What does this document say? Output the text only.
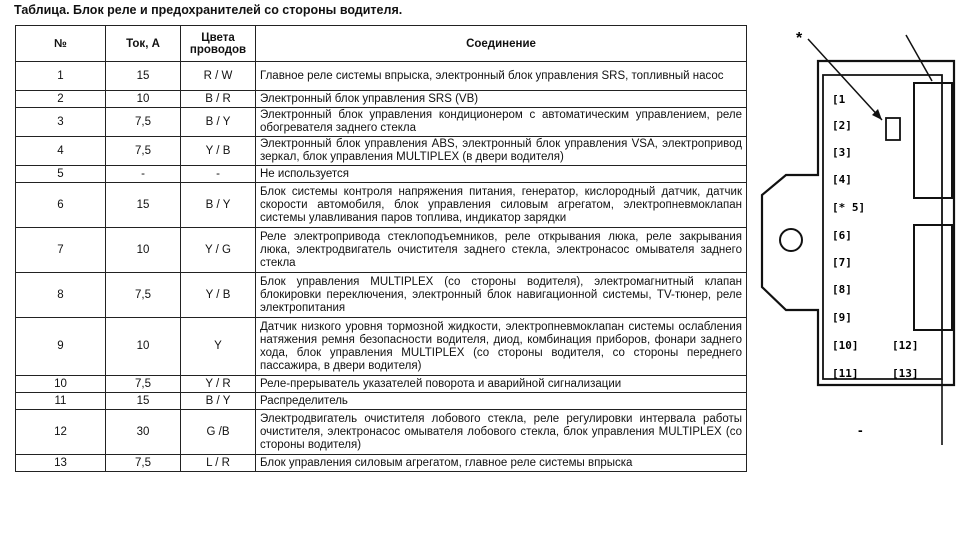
Таблица. Блок реле и предохранителей со стороны водителя.
№	Ток, А	Цвета проводов	Соединение
1	15	R / W	Главное реле системы впрыска, электронный блок управления SRS, топливный насос
2	10	B / R	Электронный блок управления SRS (VB)
3	7,5	B / Y	Электронный блок управления кондиционером с автоматическим управлением, реле обогревателя заднего стекла
4	7,5	Y / B	Электронный блок управления ABS, электронный блок управления VSA, электропривод зеркал, блок управления MULTIPLEX (в двери водителя)
5	-	-	Не используется
6	15	B / Y	Блок системы контроля напряжения питания, генератор, кислородный датчик, датчик скорости автомобиля, блок управления силовым агрегатом, электропневмоклапан системы улавливания паров топлива, индикатор зарядки
7	10	Y / G	Реле электропривода стеклоподъемников, реле открывания люка, реле закрывания люка, электродвигатель очистителя заднего стекла, электронасос омывателя заднего стекла
8	7,5	Y / B	Блок управления MULTIPLEX (со стороны водителя), электромагнитный клапан блокировки переключения, электронный блок навигационной системы, TV-тюнер, реле электропитания
9	10	Y	Датчик низкого уровня тормозной жидкости, электропневмоклапан системы ослабления натяжения ремня безопасности водителя, диод, комбинация приборов, фонари заднего хода, блок управления MULTIPLEX (со стороны водителя, со стороны переднего пассажира, в двери водителя)
10	7,5	Y / R	Реле-прерыватель указателей поворота и аварийной сигнализации
11	15	B / Y	Распределитель
12	30	G /B	Электродвигатель очистителя лобового стекла, реле регулировки интервала работы очистителя, электронасос омывателя лобового стекла, блок управления MULTIPLEX (со стороны водителя)
13	7,5	L / R	Блок управления силовым агрегатом, главное реле системы впрыска
*
-
[1
[2]
[3]
[4]
[* 5]
[6]
[7]
[8]
[9]
[10]
[11]
[12]
[13]
